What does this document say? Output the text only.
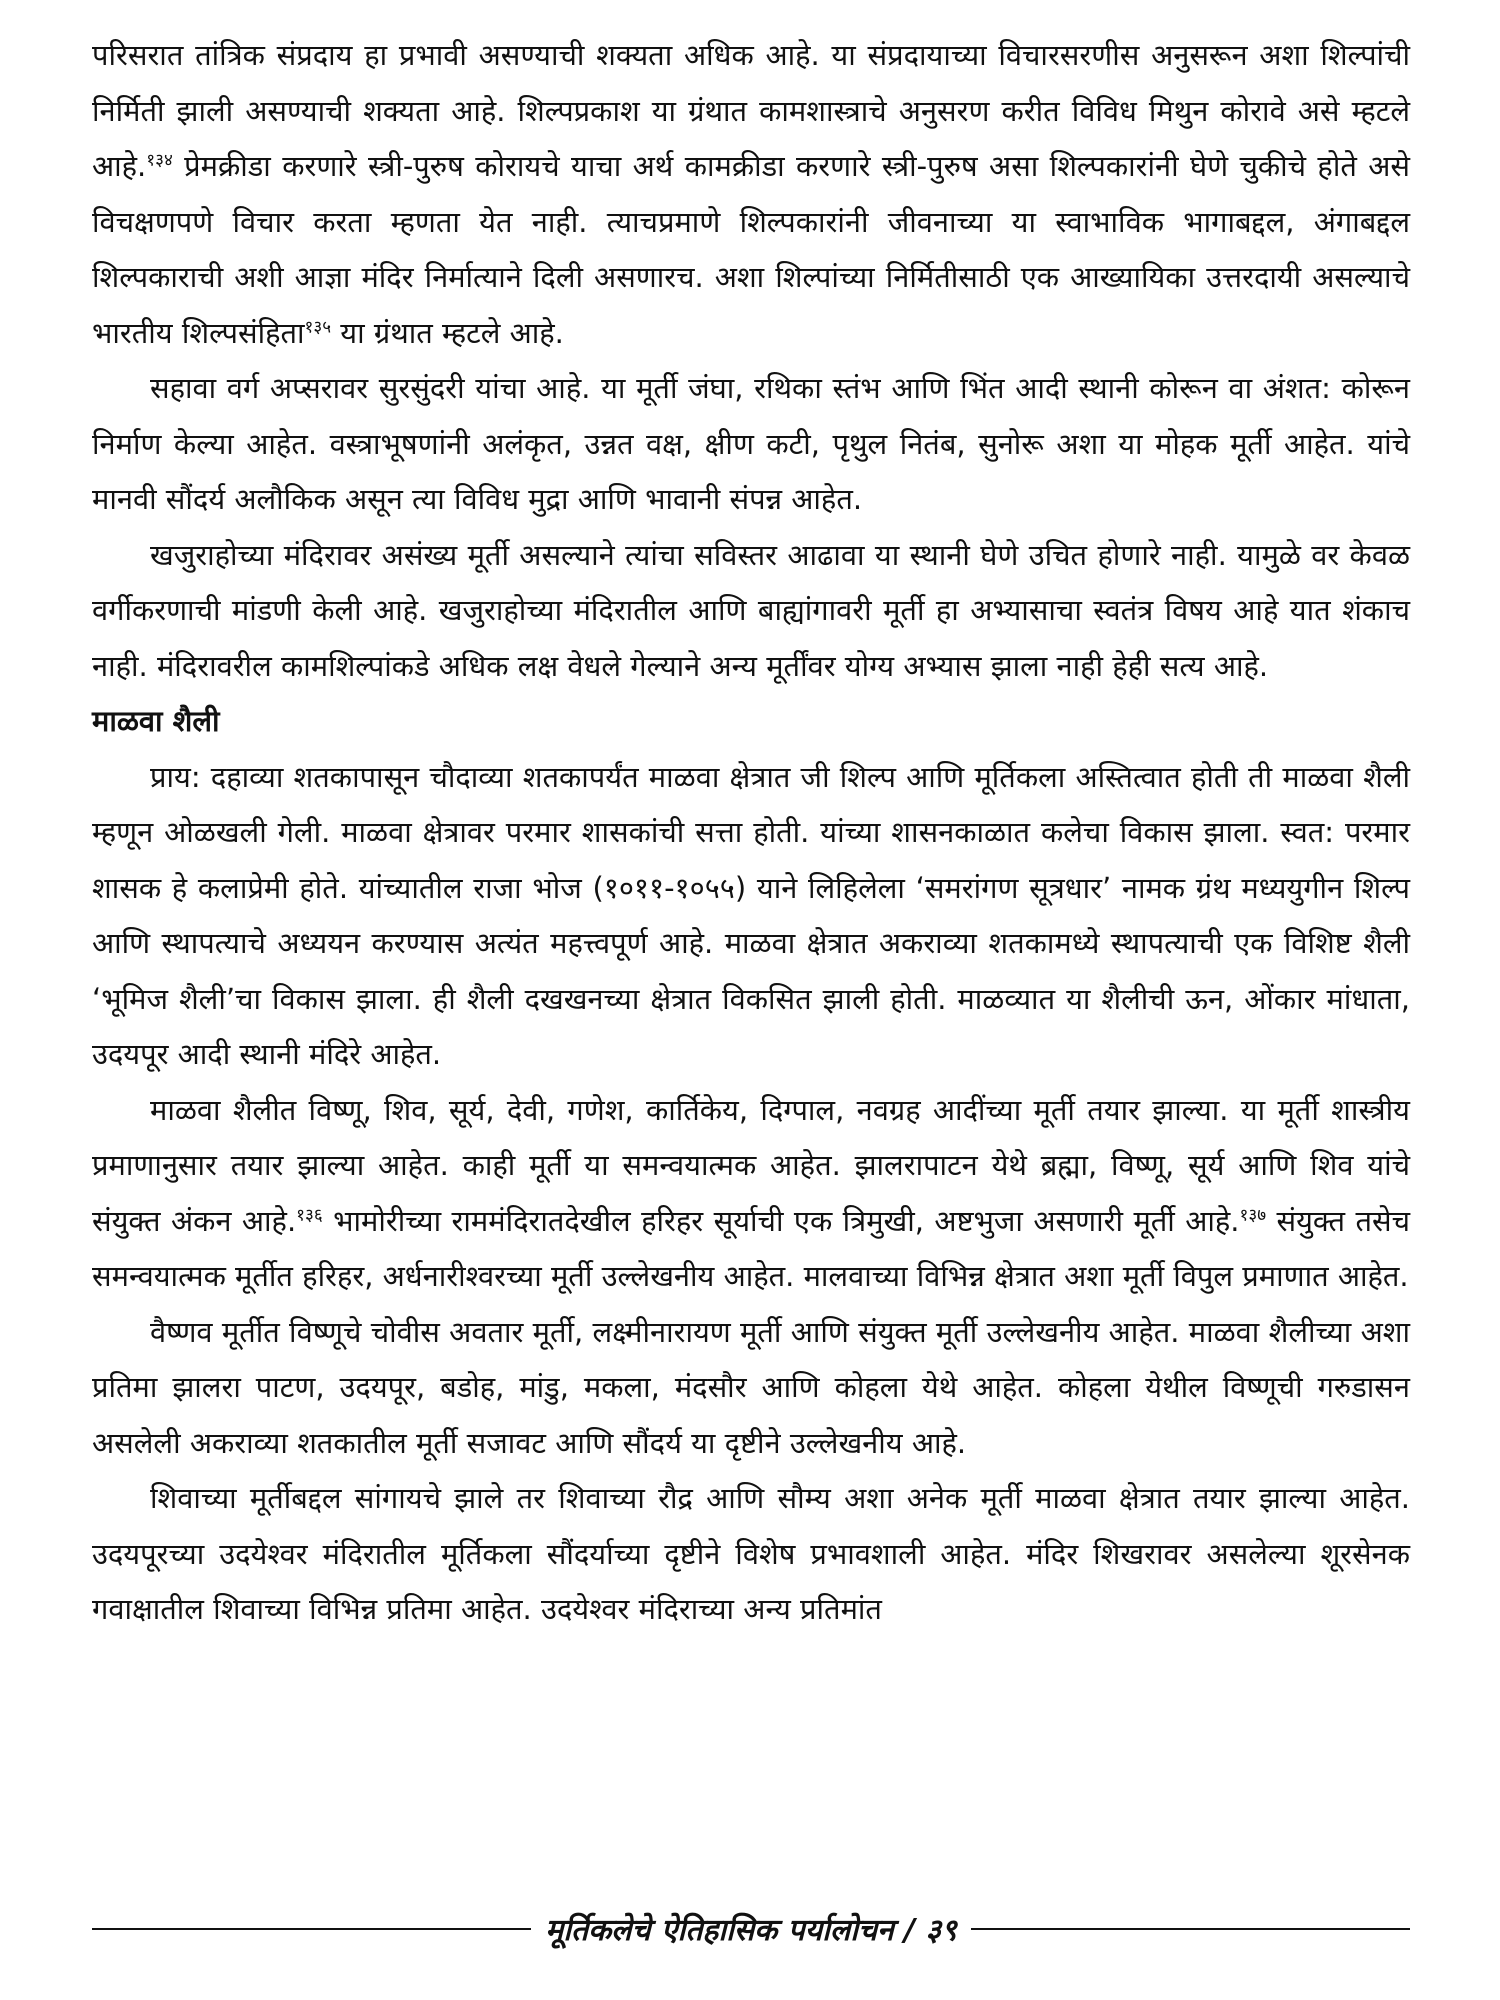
परिसरात तांत्रिक संप्रदाय हा प्रभावी असण्याची शक्यता अधिक आहे. या संप्रदायाच्या विचारसरणीस अनुसरून अशा शिल्पांची निर्मिती झाली असण्याची शक्यता आहे. शिल्पप्रकाश या ग्रंथात कामशास्त्राचे अनुसरण करीत विविध मिथुन कोरावे असे म्हटले आहे.$^{१३४}$ प्रेमक्रीडा करणारे स्त्री-पुरुष कोरायचे याचा अर्थ कामक्रीडा करणारे स्त्री-पुरुष असा शिल्पकारांनी घेणे चुकीचे होते असे विचक्षणपणे विचार करता म्हणता येत नाही. त्याचप्रमाणे शिल्पकारांनी जीवनाच्या या स्वाभाविक भागाबद्दल, अंगाबद्दल शिल्पकाराची अशी आज्ञा मंदिर निर्मात्याने दिली असणारच. अशा शिल्पांच्या निर्मितीसाठी एक आख्यायिका उत्तरदायी असल्याचे भारतीय शिल्पसंहिता$^{१३५}$ या ग्रंथात म्हटले आहे.

सहावा वर्ग अप्सरावर सुरसुंदरी यांचा आहे. या मूर्ती जंघा, रथिका स्तंभ आणि भिंत आदी स्थानी कोरून वा अंशत: कोरून निर्माण केल्या आहेत. वस्त्राभूषणांनी अलंकृत, उन्नत वक्ष, क्षीण कटी, पृथुल नितंब, सुनोरू अशा या मोहक मूर्ती आहेत. यांचे मानवी सौंदर्य अलौकिक असून त्या विविध मुद्रा आणि भावानी संपन्न आहेत.

खजुराहोच्या मंदिरावर असंख्य मूर्ती असल्याने त्यांचा सविस्तर आढावा या स्थानी घेणे उचित होणारे नाही. यामुळे वर केवळ वर्गीकरणाची मांडणी केली आहे. खजुराहोच्या मंदिरातील आणि बाह्यांगावरी मूर्ती हा अभ्यासाचा स्वतंत्र विषय आहे यात शंकाच नाही. मंदिरावरील कामशिल्पांकडे अधिक लक्ष वेधले गेल्याने अन्य मूर्तींवर योग्य अभ्यास झाला नाही हेही सत्य आहे.

माळवा शैली

प्राय: दहाव्या शतकापासून चौदाव्या शतकापर्यंत माळवा क्षेत्रात जी शिल्प आणि मूर्तिकला अस्तित्वात होती ती माळवा शैली म्हणून ओळखली गेली. माळवा क्षेत्रावर परमार शासकांची सत्ता होती. यांच्या शासनकाळात कलेचा विकास झाला. स्वत: परमार शासक हे कलाप्रेमी होते. यांच्यातील राजा भोज (१०११-१०५५) याने लिहिलेला ‘समरांगण सूत्रधार’ नामक ग्रंथ मध्ययुगीन शिल्प आणि स्थापत्याचे अध्ययन करण्यास अत्यंत महत्त्वपूर्ण आहे. माळवा क्षेत्रात अकराव्या शतकामध्ये स्थापत्याची एक विशिष्ट शैली ‘भूमिज शैली’चा विकास झाला. ही शैली दखखनच्या क्षेत्रात विकसित झाली होती. माळव्यात या शैलीची ऊन, ओंकार मांधाता, उदयपूर आदी स्थानी मंदिरे आहेत.

माळवा शैलीत विष्णू, शिव, सूर्य, देवी, गणेश, कार्तिकेय, दिग्पाल, नवग्रह आदींच्या मूर्ती तयार झाल्या. या मूर्ती शास्त्रीय प्रमाणानुसार तयार झाल्या आहेत. काही मूर्ती या समन्वयात्मक आहेत. झालरापाटन येथे ब्रह्मा, विष्णू, सूर्य आणि शिव यांचे संयुक्त अंकन आहे.$^{१३६}$ भामोरीच्या राममंदिरातदेखील हरिहर सूर्याची एक त्रिमुखी, अष्टभुजा असणारी मूर्ती आहे.$^{१३७}$ संयुक्त तसेच समन्वयात्मक मूर्तीत हरिहर, अर्धनारीश्वरच्या मूर्ती उल्लेखनीय आहेत. मालवाच्या विभिन्न क्षेत्रात अशा मूर्ती विपुल प्रमाणात आहेत.

वैष्णव मूर्तीत विष्णूचे चोवीस अवतार मूर्ती, लक्ष्मीनारायण मूर्ती आणि संयुक्त मूर्ती उल्लेखनीय आहेत. माळवा शैलीच्या अशा प्रतिमा झालरा पाटण, उदयपूर, बडोह, मांडु, मकला, मंदसौर आणि कोहला येथे आहेत. कोहला येथील विष्णूची गरुडासन असलेली अकराव्या शतकातील मूर्ती सजावट आणि सौंदर्य या दृष्टीने उल्लेखनीय आहे.

शिवाच्या मूर्तीबद्दल सांगायचे झाले तर शिवाच्या रौद्र आणि सौम्य अशा अनेक मूर्ती माळवा क्षेत्रात तयार झाल्या आहेत. उदयपूरच्या उदयेश्वर मंदिरातील मूर्तिकला सौंदर्याच्या दृष्टीने विशेष प्रभावशाली आहेत. मंदिर शिखरावर असलेल्या शूरसेनक गवाक्षातील शिवाच्या विभिन्न प्रतिमा आहेत. उदयेश्वर मंदिराच्या अन्य प्रतिमांत

मूर्तिकलेचे ऐतिहासिक पर्यालोचन / ३९
